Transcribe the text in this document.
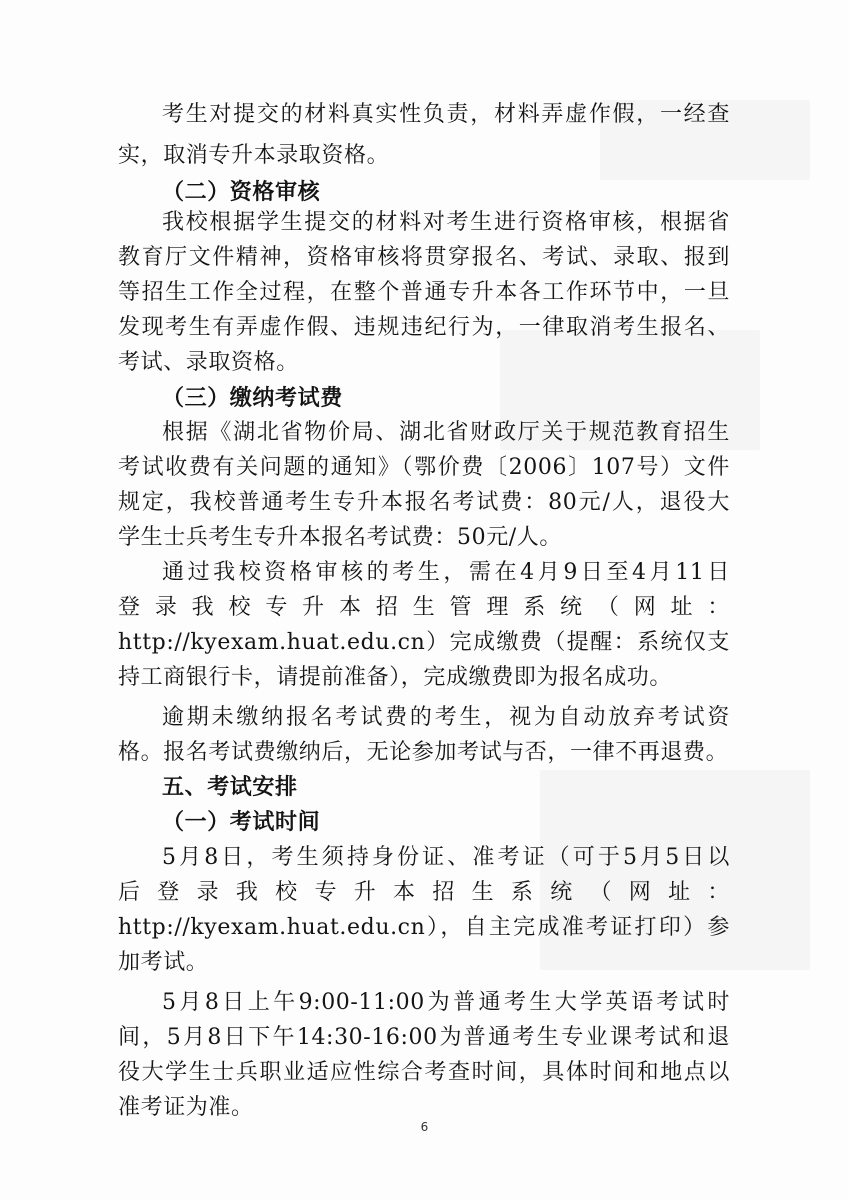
考生对提交的材料真实性负责，材料弄虚作假，一经查
实，取消专升本录取资格。
（二）资格审核
我校根据学生提交的材料对考生进行资格审核，根据省
教育厅文件精神，资格审核将贯穿报名、考试、录取、报到
等招生工作全过程，在整个普通专升本各工作环节中，一旦
发现考生有弄虚作假、违规违纪行为，一律取消考生报名、
考试、录取资格。
（三）缴纳考试费
根据《湖北省物价局、湖北省财政厅关于规范教育招生
考试收费有关问题的通知》（鄂价费〔2006〕107号）文件
规定，我校普通考生专升本报名考试费：80元/人，退役大
学生士兵考生专升本报名考试费：50元/人。
通过我校资格审核的考生，需在4月9日至4月11日
登录我校专升本招生管理系统（网址：
http://kyexam.huat.edu.cn）完成缴费（提醒：系统仅支
持工商银行卡，请提前准备），完成缴费即为报名成功。
逾期未缴纳报名考试费的考生，视为自动放弃考试资
格。报名考试费缴纳后，无论参加考试与否，一律不再退费。
五、考试安排
（一）考试时间
5月8日，考生须持身份证、准考证（可于5月5日以
后登录我校专升本招生系统（网址：
http://kyexam.huat.edu.cn），自主完成准考证打印）参
加考试。
5月8日上午9:00-11:00为普通考生大学英语考试时
间，5月8日下午14:30-16:00为普通考生专业课考试和退
役大学生士兵职业适应性综合考查时间，具体时间和地点以
准考证为准。
6
